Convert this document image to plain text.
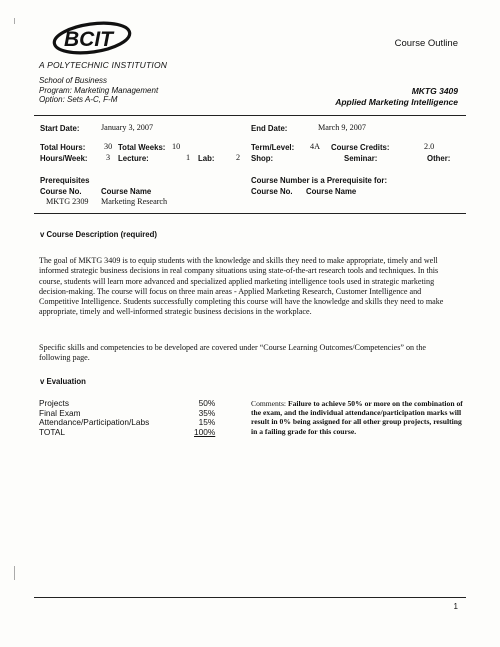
BCIT
A POLYTECHNIC INSTITUTION
Course Outline
School of Business
Program: Marketing Management
Option: Sets A-C, F-M
MKTG 3409
Applied Marketing Intelligence
Start Date:	January 3, 2007	End Date:	March 9, 2007
Total Hours: 30 Total Weeks: 10	Term/Level: 4A Course Credits:	2.0
Hours/Week: 3 Lecture:	1 Lab:	2 Shop:	Seminar:	Other:
Prerequisites
Course No. Course Name
MKTG 2309 Marketing Research
Course Number is a Prerequisite for:
Course No. Course Name
v Course Description (required)
The goal of MKTG 3409 is to equip students with the knowledge and skills they need to make appropriate, timely and well informed strategic business decisions in real company situations using state-of-the-art research tools and techniques. In this course, students will learn more advanced and specialized applied marketing intelligence tools used in strategic marketing decision-making. The course will focus on three main areas - Applied Marketing Research, Customer Intelligence and Competitive Intelligence. Students successfully completing this course will have the knowledge and skills they need to make appropriate, timely and well-informed strategic business decisions in the workplace.
Specific skills and competencies to be developed are covered under “Course Learning Outcomes/Competencies” on the following page.
v Evaluation
Projects	50%
Final Exam	35%
Attendance/Participation/Labs	15%
TOTAL	100%
Comments: Failure to achieve 50% or more on the combination of the exam, and the individual attendance/participation marks will result in 0% being assigned for all other group projects, resulting in a failing grade for this course.
1
